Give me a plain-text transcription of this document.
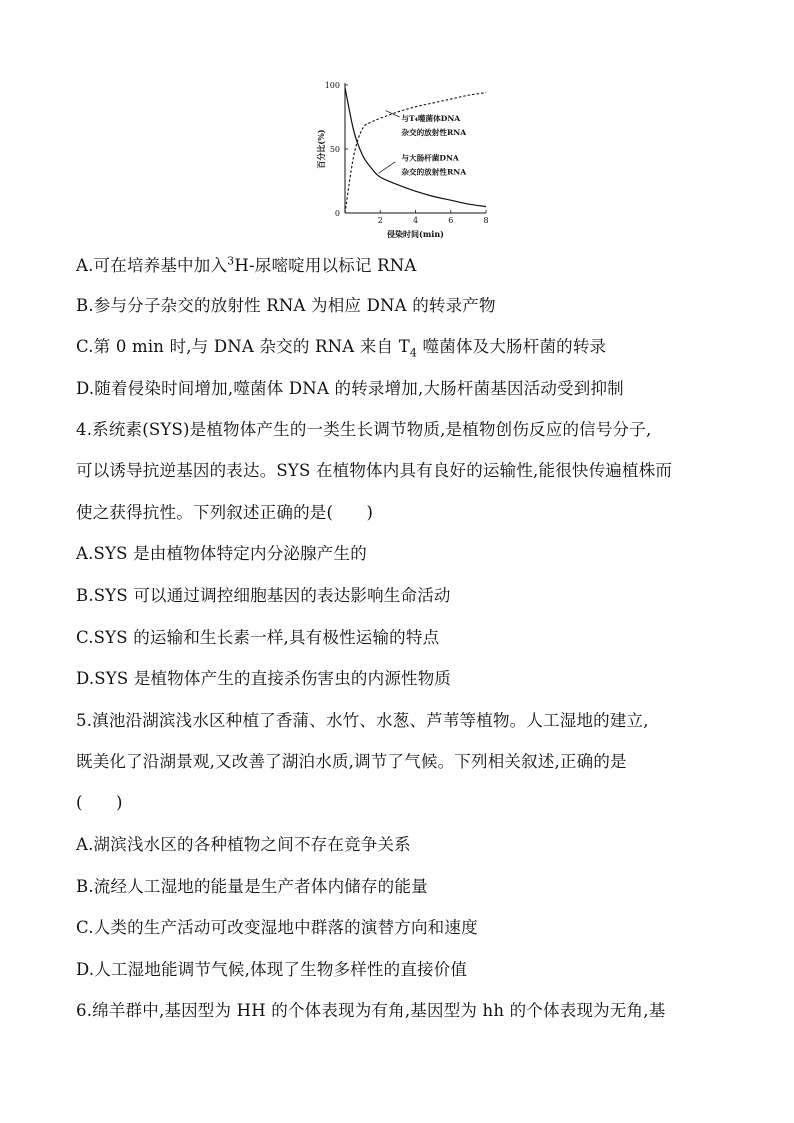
2	4	6	8
0
50
100
侵染时间(min)
百分比(%)
与T₄噬菌体DNA
杂交的放射性RNA
与大肠杆菌DNA
杂交的放射性RNA
A.可在培养基中加入$^3$H-尿嘧啶用以标记 RNA
B.参与分子杂交的放射性 RNA 为相应 DNA 的转录产物
C.第 0 min 时,与 DNA 杂交的 RNA 来自 $T_4$ 噬菌体及大肠杆菌的转录
D.随着侵染时间增加,噬菌体 DNA 的转录增加,大肠杆菌基因活动受到抑制
4.系统素(SYS)是植物体产生的一类生长调节物质,是植物创伤反应的信号分子,
可以诱导抗逆基因的表达。SYS 在植物体内具有良好的运输性,能很快传遍植株而
使之获得抗性。下列叙述正确的是(　　)
A.SYS 是由植物体特定内分泌腺产生的
B.SYS 可以通过调控细胞基因的表达影响生命活动
C.SYS 的运输和生长素一样,具有极性运输的特点
D.SYS 是植物体产生的直接杀伤害虫的内源性物质
5.滇池沿湖滨浅水区种植了香蒲、水竹、水葱、芦苇等植物。人工湿地的建立,
既美化了沿湖景观,又改善了湖泊水质,调节了气候。下列相关叙述,正确的是
(　　)
A.湖滨浅水区的各种植物之间不存在竞争关系
B.流经人工湿地的能量是生产者体内储存的能量
C.人类的生产活动可改变湿地中群落的演替方向和速度
D.人工湿地能调节气候,体现了生物多样性的直接价值
6.绵羊群中,基因型为 HH 的个体表现为有角,基因型为 hh 的个体表现为无角,基
